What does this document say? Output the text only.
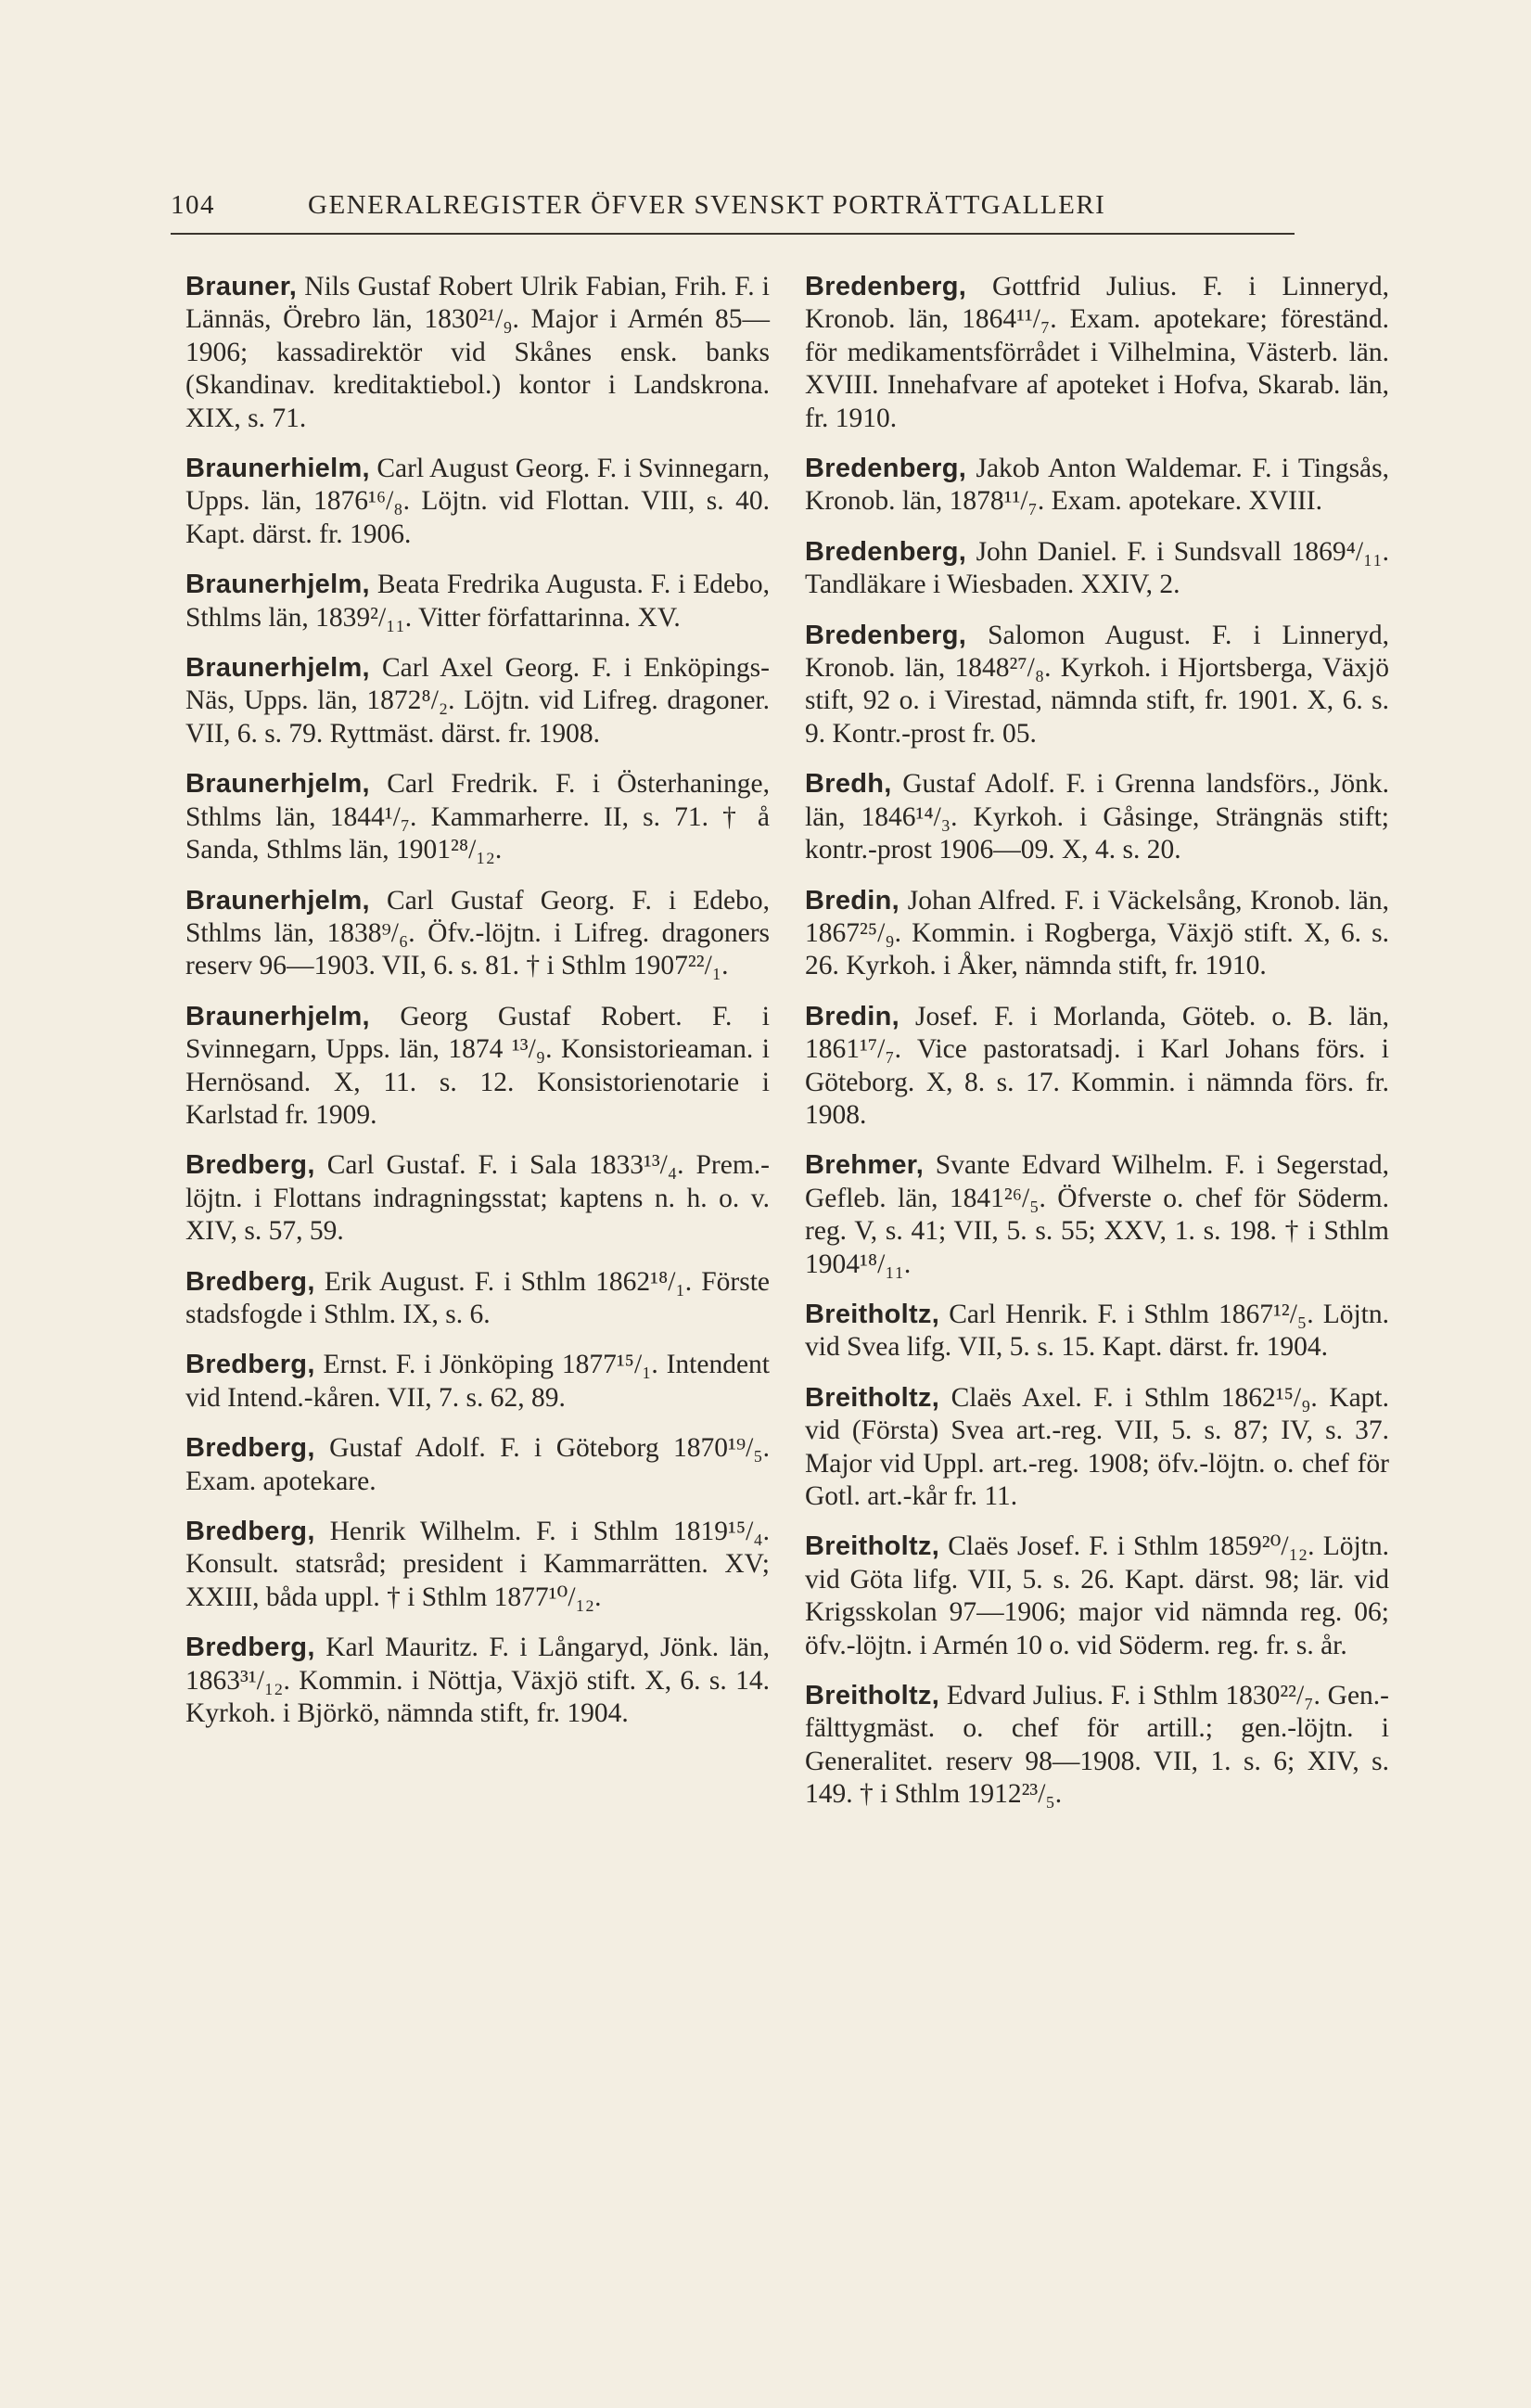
104	GENERALREGISTER ÖFVER SVENSKT PORTRÄTTGALLERI

Brauner, Nils Gustaf Robert Ulrik Fabian, Frih. F. i Lännäs, Örebro län, 1830²¹/₉. Major i Armén 85—1906; kassadirektör vid Skånes ensk. banks (Skandinav. kreditaktiebol.) kontor i Landskrona. XIX, s. 71.

Braunerhielm, Carl August Georg. F. i Svinnegarn, Upps. län, 1876¹⁶/₈. Löjtn. vid Flottan. VIII, s. 40. Kapt. därst. fr. 1906.

Braunerhjelm, Beata Fredrika Augusta. F. i Edebo, Sthlms län, 1839²/₁₁. Vitter författarinna. XV.

Braunerhjelm, Carl Axel Georg. F. i Enköpings-Näs, Upps. län, 1872⁸/₂. Löjtn. vid Lifreg. dragoner. VII, 6. s. 79. Ryttmäst. därst. fr. 1908.

Braunerhjelm, Carl Fredrik. F. i Österhaninge, Sthlms län, 1844¹/₇. Kammarherre. II, s. 71. † å Sanda, Sthlms län, 1901²⁸/₁₂.

Braunerhjelm, Carl Gustaf Georg. F. i Edebo, Sthlms län, 1838⁹/₆. Öfv.-löjtn. i Lifreg. dragoners reserv 96—1903. VII, 6. s. 81. † i Sthlm 1907²²/₁.

Braunerhjelm, Georg Gustaf Robert. F. i Svinnegarn, Upps. län, 1874 ¹³/₉. Konsistorieaman. i Hernösand. X, 11. s. 12. Konsistorienotarie i Karlstad fr. 1909.

Bredberg, Carl Gustaf. F. i Sala 1833¹³/₄. Prem.-löjtn. i Flottans indragningsstat; kaptens n. h. o. v. XIV, s. 57, 59.

Bredberg, Erik August. F. i Sthlm 1862¹⁸/₁. Förste stadsfogde i Sthlm. IX, s. 6.

Bredberg, Ernst. F. i Jönköping 1877¹⁵/₁. Intendent vid Intend.-kåren. VII, 7. s. 62, 89.

Bredberg, Gustaf Adolf. F. i Göteborg 1870¹⁹/₅. Exam. apotekare.

Bredberg, Henrik Wilhelm. F. i Sthlm 1819¹⁵/₄. Konsult. statsråd; president i Kammarrätten. XV; XXIII, båda uppl. † i Sthlm 1877¹⁰/₁₂.

Bredberg, Karl Mauritz. F. i Långaryd, Jönk. län, 1863³¹/₁₂. Kommin. i Nöttja, Växjö stift. X, 6. s. 14. Kyrkoh. i Björkö, nämnda stift, fr. 1904.

Bredenberg, Gottfrid Julius. F. i Linneryd, Kronob. län, 1864¹¹/₇. Exam. apotekare; föreständ. för medikamentsförrådet i Vilhelmina, Västerb. län. XVIII. Innehafvare af apoteket i Hofva, Skarab. län, fr. 1910.

Bredenberg, Jakob Anton Waldemar. F. i Tingsås, Kronob. län, 1878¹¹/₇. Exam. apotekare. XVIII.

Bredenberg, John Daniel. F. i Sundsvall 1869⁴/₁₁. Tandläkare i Wiesbaden. XXIV, 2.

Bredenberg, Salomon August. F. i Linneryd, Kronob. län, 1848²⁷/₈. Kyrkoh. i Hjortsberga, Växjö stift, 92 o. i Virestad, nämnda stift, fr. 1901. X, 6. s. 9. Kontr.-prost fr. 05.

Bredh, Gustaf Adolf. F. i Grenna landsförs., Jönk. län, 1846¹⁴/₃. Kyrkoh. i Gåsinge, Strängnäs stift; kontr.-prost 1906—09. X, 4. s. 20.

Bredin, Johan Alfred. F. i Väckelsång, Kronob. län, 1867²⁵/₉. Kommin. i Rogberga, Växjö stift. X, 6. s. 26. Kyrkoh. i Åker, nämnda stift, fr. 1910.

Bredin, Josef. F. i Morlanda, Göteb. o. B. län, 1861¹⁷/₇. Vice pastoratsadj. i Karl Johans förs. i Göteborg. X, 8. s. 17. Kommin. i nämnda förs. fr. 1908.

Brehmer, Svante Edvard Wilhelm. F. i Segerstad, Gefleb. län, 1841²⁶/₅. Öfverste o. chef för Söderm. reg. V, s. 41; VII, 5. s. 55; XXV, 1. s. 198. † i Sthlm 1904¹⁸/₁₁.

Breitholtz, Carl Henrik. F. i Sthlm 1867¹²/₅. Löjtn. vid Svea lifg. VII, 5. s. 15. Kapt. därst. fr. 1904.

Breitholtz, Claës Axel. F. i Sthlm 1862¹⁵/₉. Kapt. vid (Första) Svea art.-reg. VII, 5. s. 87; IV, s. 37. Major vid Uppl. art.-reg. 1908; öfv.-löjtn. o. chef för Gotl. art.-kår fr. 11.

Breitholtz, Claës Josef. F. i Sthlm 1859²⁰/₁₂. Löjtn. vid Göta lifg. VII, 5. s. 26. Kapt. därst. 98; lär. vid Krigsskolan 97—1906; major vid nämnda reg. 06; öfv.-löjtn. i Armén 10 o. vid Söderm. reg. fr. s. år.

Breitholtz, Edvard Julius. F. i Sthlm 1830²²/₇. Gen.-fälttygmäst. o. chef för artill.; gen.-löjtn. i Generalitet. reserv 98—1908. VII, 1. s. 6; XIV, s. 149. † i Sthlm 1912²³/₅.
